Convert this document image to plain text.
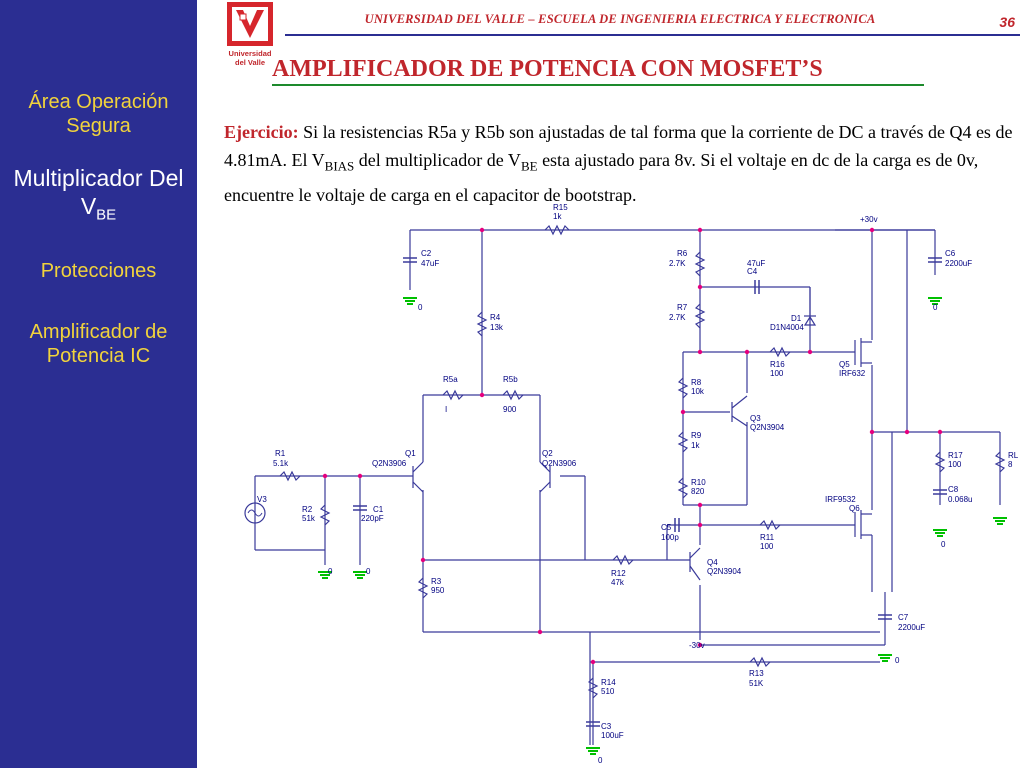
Área Operación Segura
Multiplicador Del $V_{BE}$
Protecciones
Amplificador de Potencia IC
Universidad
del Valle
UNIVERSIDAD DEL VALLE – ESCUELA DE INGENIERIA ELECTRICA Y ELECTRONICA	36
AMPLIFICADOR DE POTENCIA CON MOSFET’S
Ejercicio: Si la resistencias R5a y R5b son ajustadas de tal forma que la corriente de DC a través de Q4 es de 4.81mA. El $V_{BIAS}$ del multiplicador de $V_{BE}$ esta ajustado para 8v. Si el voltaje en dc de la carga es de 0v, encuentre le voltaje de carga en el capacitor de bootstrap.
R15 1k	+30v
C2 47uF
C6 2200uF
R6 2.7K	47uF C4
R7 2.7K	D1 D1N4004
R4 13k
R16 100
Q5 IRF632
R5a I
R5b 900
R8 10k
Q3 Q2N3904
R9 1k
R1 5.1k
Q1 Q2N3906
Q2 Q2N3906
R17 100
RL 8
V3
R10 820	C8 0.068u
IRF9532 Q6
R2 51k
C1 220pF
C5 100p	R11 100
R12 47k
Q4 Q2N3904
R3 950
C7 2200uF
-30v
R13 51K
R14 510
C3 100uF
0	0
0	0
0
0
0
